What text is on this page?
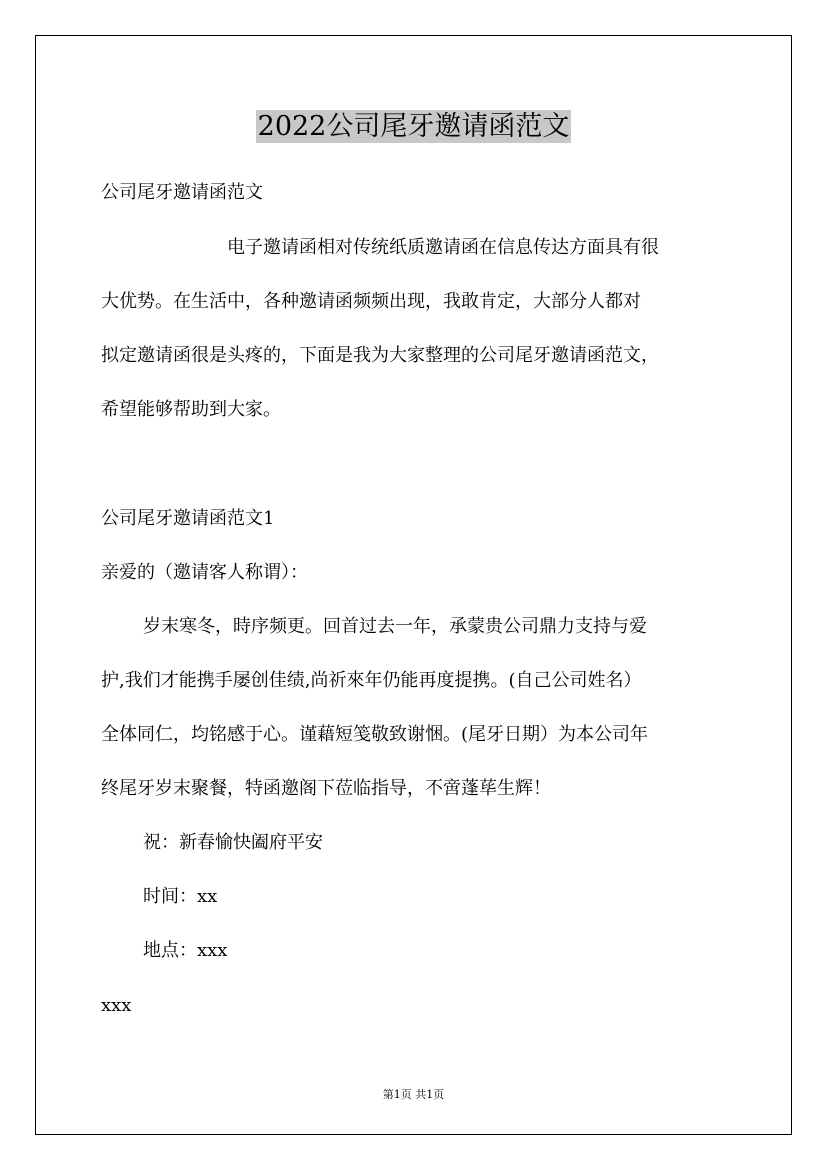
2022公司尾牙邀请函范文
公司尾牙邀请函范文
电子邀请函相对传统纸质邀请函在信息传达方面具有很
大优势。在生活中，各种邀请函频频出现，我敢肯定，大部分人都对
拟定邀请函很是头疼的，下面是我为大家整理的公司尾牙邀请函范文，
希望能够帮助到大家。
公司尾牙邀请函范文1
亲爱的（邀请客人称谓）：
岁末寒冬，時序频更。回首过去一年，承蒙贵公司鼎力支持与爱
护,我们才能携手屡创佳绩,尚祈來年仍能再度提携。(自己公司姓名）
全体同仁，均铭感于心。谨藉短笺敬致谢悃。(尾牙日期）为本公司年
终尾牙岁末聚餐，特函邀阁下莅临指导，不啻蓬荜生辉！
祝：新春愉快阖府平安
时间：xx
地点：xxx
xxx
第1页 共1页
